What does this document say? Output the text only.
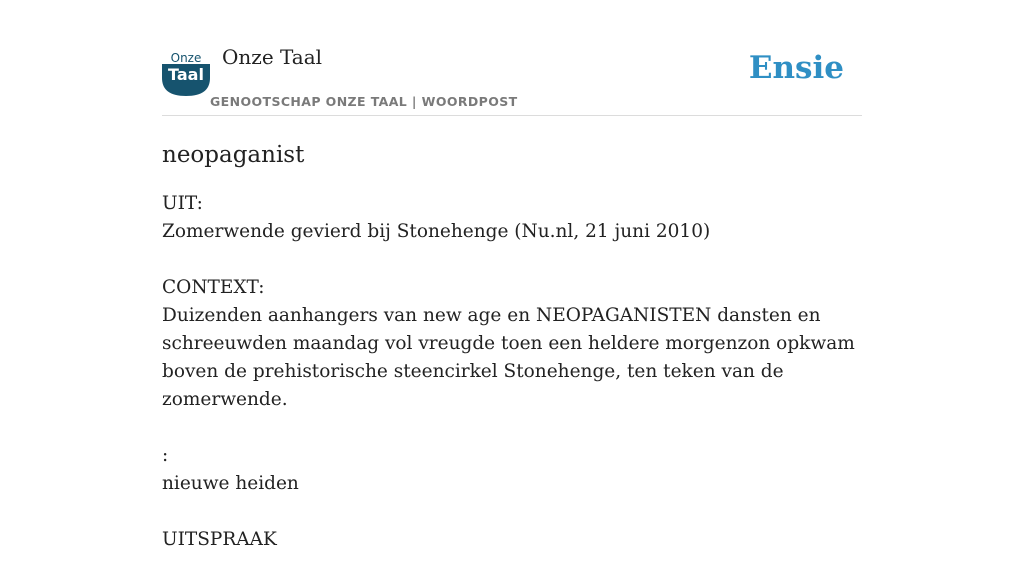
Onze
Taal
Onze Taal
GENOOTSCHAP ONZE TAAL | WOORDPOST
Ensie
neopaganist
UIT:
Zomerwende gevierd bij Stonehenge (Nu.nl, 21 juni 2010)
CONTEXT:
Duizenden aanhangers van new age en NEOPAGANISTEN dansten en schreeuwden maandag vol vreugde toen een heldere morgenzon opkwam boven de prehistorische steencirkel Stonehenge, ten teken van de zomerwende.
:
nieuwe heiden
UITSPRAAK
